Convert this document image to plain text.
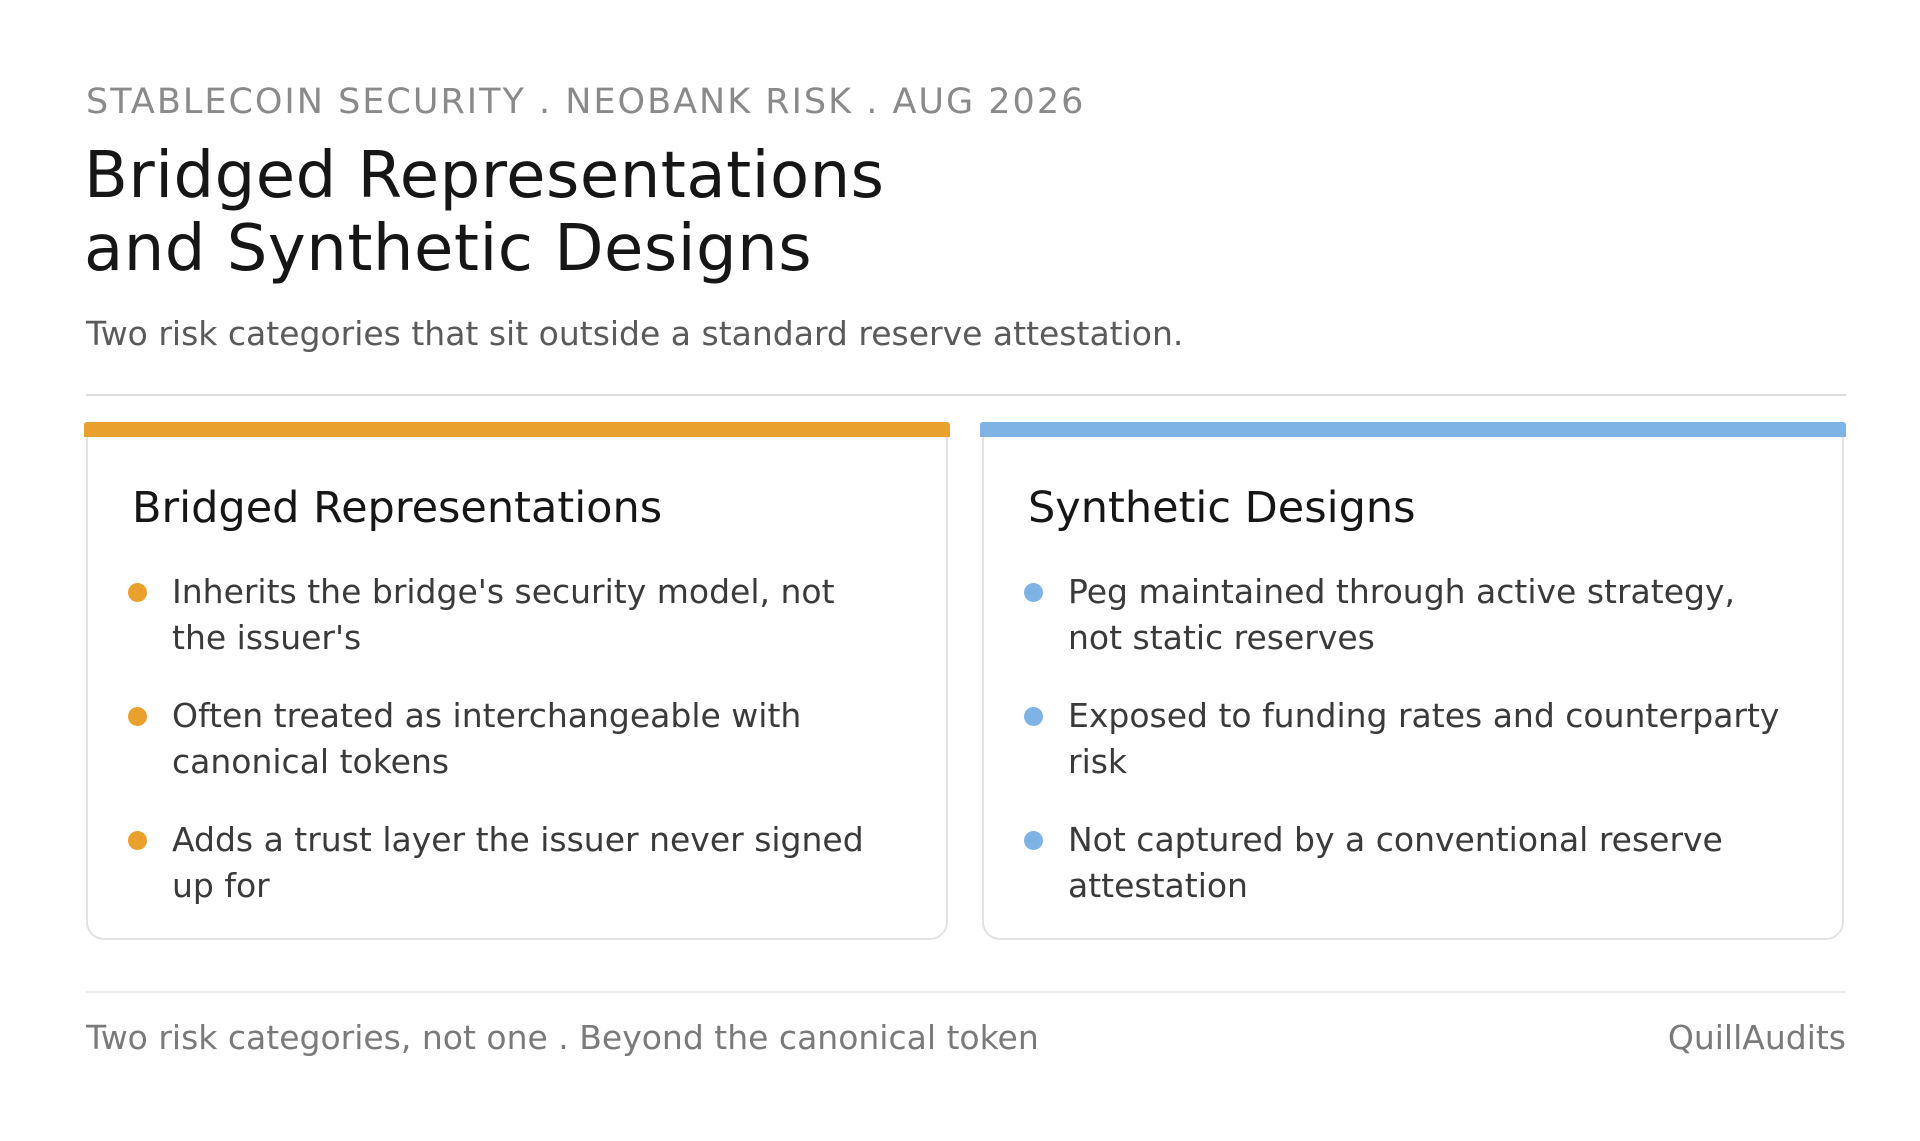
STABLECOIN SECURITY . NEOBANK RISK . AUG 2026
Bridged Representations
and Synthetic Designs
Two risk categories that sit outside a standard reserve attestation.
Bridged Representations
Inherits the bridge's security model, not the issuer's
Often treated as interchangeable with canonical tokens
Adds a trust layer the issuer never signed up for
Synthetic Designs
Peg maintained through active strategy, not static reserves
Exposed to funding rates and counterparty risk
Not captured by a conventional reserve attestation
Two risk categories, not one . Beyond the canonical token	QuillAudits
